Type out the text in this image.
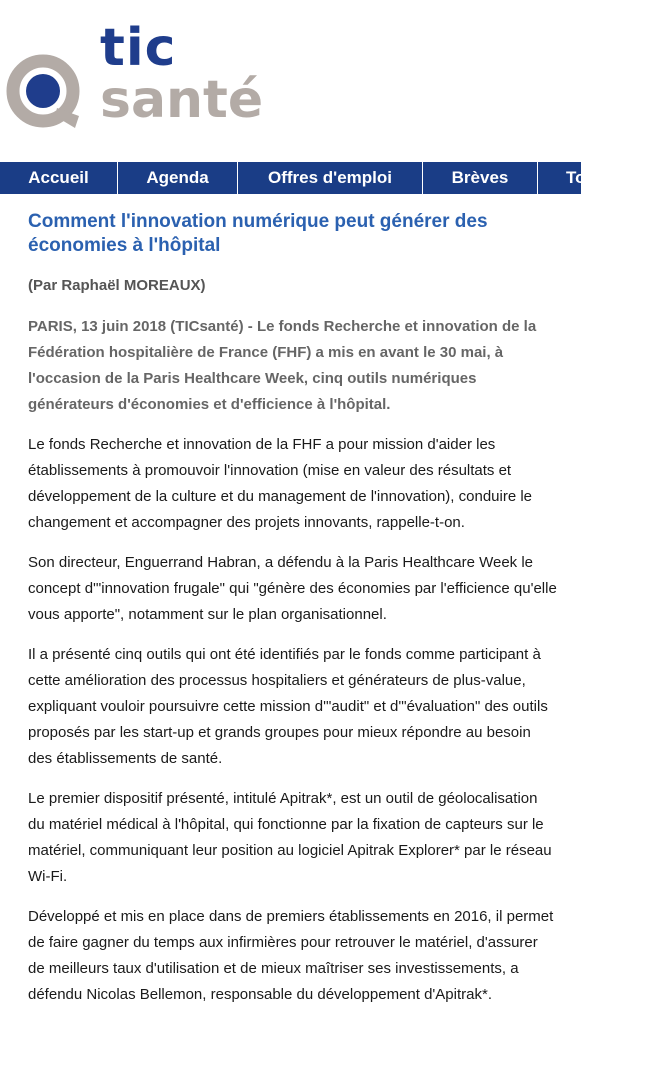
tic
santé
Accueil	Agenda	Offres d'emploi	Brèves	To
Comment l'innovation numérique peut générer des économies à l'hôpital

(Par Raphaël MOREAUX)

PARIS, 13 juin 2018 (TICsanté) - Le fonds Recherche et innovation de la Fédération hospitalière de France (FHF) a mis en avant le 30 mai, à l'occasion de la Paris Healthcare Week, cinq outils numériques générateurs d'économies et d'efficience à l'hôpital.

Le fonds Recherche et innovation de la FHF a pour mission d'aider les établissements à promouvoir l'innovation (mise en valeur des résultats et développement de la culture et du management de l'innovation), conduire le changement et accompagner des projets innovants, rappelle-t-on.

Son directeur, Enguerrand Habran, a défendu à la Paris Healthcare Week le concept d'"innovation frugale" qui "génère des économies par l'efficience qu'elle vous apporte", notamment sur le plan organisationnel.

Il a présenté cinq outils qui ont été identifiés par le fonds comme participant à cette amélioration des processus hospitaliers et générateurs de plus-value, expliquant vouloir poursuivre cette mission d'"audit" et d'"évaluation" des outils proposés par les start-up et grands groupes pour mieux répondre au besoin des établissements de santé.

Le premier dispositif présenté, intitulé Apitrak*, est un outil de géolocalisation du matériel médical à l'hôpital, qui fonctionne par la fixation de capteurs sur le matériel, communiquant leur position au logiciel Apitrak Explorer* par le réseau Wi-Fi.

Développé et mis en place dans de premiers établissements en 2016, il permet de faire gagner du temps aux infirmières pour retrouver le matériel, d'assurer de meilleurs taux d'utilisation et de mieux maîtriser ses investissements, a défendu Nicolas Bellemon, responsable du développement d'Apitrak*.
